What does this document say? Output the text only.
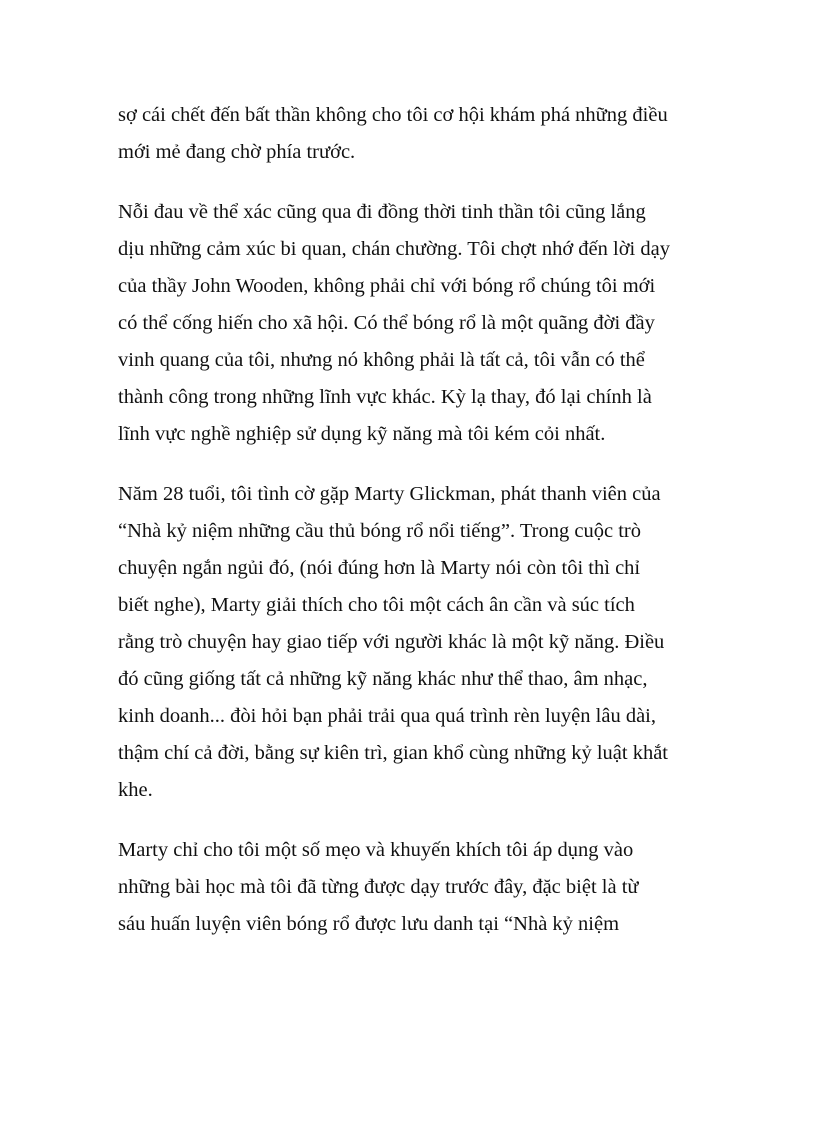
sợ cái chết đến bất thần không cho tôi cơ hội khám phá những điều
mới mẻ đang chờ phía trước.

Nỗi đau về thể xác cũng qua đi đồng thời tinh thần tôi cũng lắng
dịu những cảm xúc bi quan, chán chường. Tôi chợt nhớ đến lời dạy
của thầy John Wooden, không phải chỉ với bóng rổ chúng tôi mới
có thể cống hiến cho xã hội. Có thể bóng rổ là một quãng đời đầy
vinh quang của tôi, nhưng nó không phải là tất cả, tôi vẫn có thể
thành công trong những lĩnh vực khác. Kỳ lạ thay, đó lại chính là
lĩnh vực nghề nghiệp sử dụng kỹ năng mà tôi kém cỏi nhất.

Năm 28 tuổi, tôi tình cờ gặp Marty Glickman, phát thanh viên của
“Nhà kỷ niệm những cầu thủ bóng rổ nổi tiếng”. Trong cuộc trò
chuyện ngắn ngủi đó, (nói đúng hơn là Marty nói còn tôi thì chỉ
biết nghe), Marty giải thích cho tôi một cách ân cần và súc tích
rằng trò chuyện hay giao tiếp với người khác là một kỹ năng. Điều
đó cũng giống tất cả những kỹ năng khác như thể thao, âm nhạc,
kinh doanh... đòi hỏi bạn phải trải qua quá trình rèn luyện lâu dài,
thậm chí cả đời, bằng sự kiên trì, gian khổ cùng những kỷ luật khắt
khe.

Marty chỉ cho tôi một số mẹo và khuyến khích tôi áp dụng vào
những bài học mà tôi đã từng được dạy trước đây, đặc biệt là từ
sáu huấn luyện viên bóng rổ được lưu danh tại “Nhà kỷ niệm
